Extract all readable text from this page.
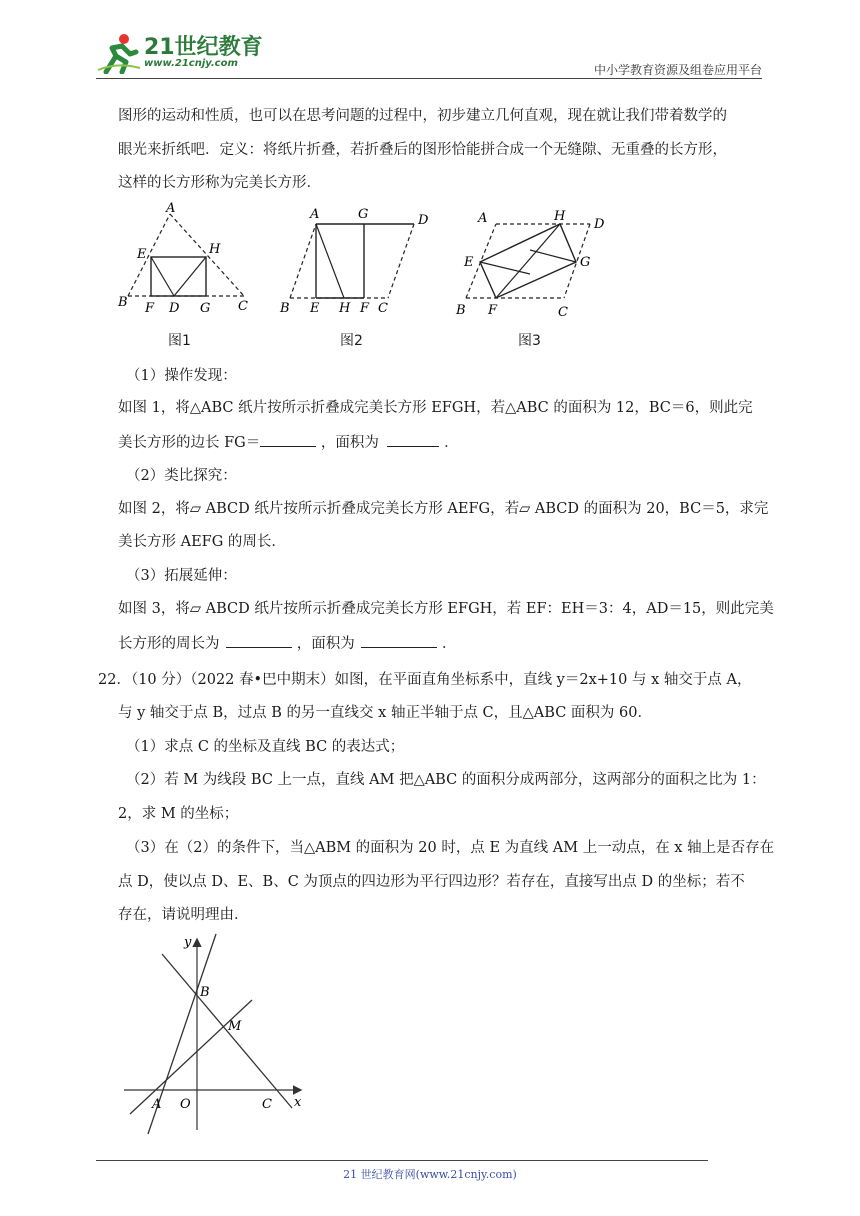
21世纪教育
www.21cnjy.com	中小学教育资源及组卷应用平台
图形的运动和性质，也可以在思考问题的过程中，初步建立几何直观，现在就让我们带着数学的
眼光来折纸吧．定义：将纸片折叠，若折叠后的图形恰能拼合成一个无缝隙、无重叠的长方形，
这样的长方形称为完美长方形．
A
B	C
D
E
F	G
H
图1
A
B	C
D
E	F
G
H
图2
A
B	C
D
E
F
G
H
图3
（1）操作发现：
如图 1，将△ABC 纸片按所示折叠成完美长方形 EFGH，若△ABC 的面积为 12，BC＝6，则此完
美长方形的边长 FG＝	，面积为	．
（2）类比探究：
如图 2，将▱ ABCD 纸片按所示折叠成完美长方形 AEFG，若▱ ABCD 的面积为 20，BC＝5，求完
美长方形 AEFG 的周长．
（3）拓展延伸：
如图 3，将▱ ABCD 纸片按所示折叠成完美长方形 EFGH，若 EF：EH＝3：4，AD＝15，则此完美
长方形的周长为	，面积为	．
22．（10 分）（2022 春•巴中期末）如图，在平面直角坐标系中，直线 y＝2x+10 与 x 轴交于点 A，
与 y 轴交于点 B，过点 B 的另一直线交 x 轴正半轴于点 C，且△ABC 面积为 60．
（1）求点 C 的坐标及直线 BC 的表达式；
（2）若 M 为线段 BC 上一点，直线 AM 把△ABC 的面积分成两部分，这两部分的面积之比为 1：
2，求 M 的坐标；
（3）在（2）的条件下，当△ABM 的面积为 20 时，点 E 为直线 AM 上一动点，在 x 轴上是否存在
点 D，使以点 D、E、B、C 为顶点的四边形为平行四边形？若存在，直接写出点 D 的坐标；若不
存在，请说明理由．
y
x
A O
B
C
M
21 世纪教育网(www.21cnjy.com)
